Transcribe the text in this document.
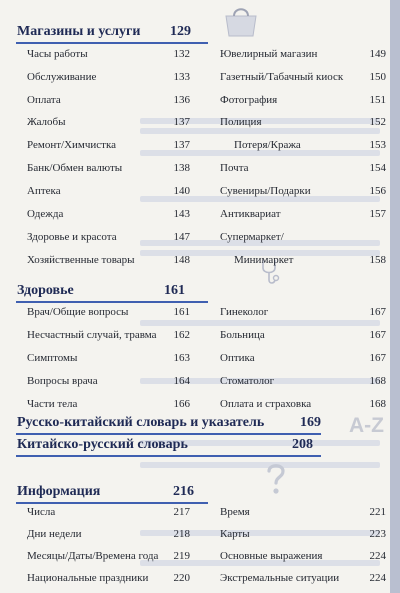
A-Z
Магазины и услуги 129
Часы работы	132
Обслуживание	133
Оплата	136
Жалобы	137
Ремонт/Химчистка	137
Банк/Обмен валюты	138
Аптека	140
Одежда	143
Здоровье и красота	147
Хозяйственные товары	148
Ювелирный магазин	149
Газетный/Табачный киоск	150
Фотография	151
Полиция	152
Потеря/Кража	153
Почта	154
Сувениры/Подарки	156
Антиквариат	157
Супермаркет/
Минимаркет	158
Здоровье	161
Врач/Общие вопросы	161
Несчастный случай, травма	162
Симптомы	163
Вопросы врача	164
Части тела	166
Гинеколог	167
Больница	167
Оптика	167
Стоматолог	168
Оплата и страховка	168
Русско-китайский словарь и указатель	169
Китайско-русский словарь	208
Информация	216
Числа	217
Дни недели	218
Месяцы/Даты/Времена года	219
Национальные праздники	220
Время	221
Карты	223
Основные выражения	224
Экстремальные ситуации	224
